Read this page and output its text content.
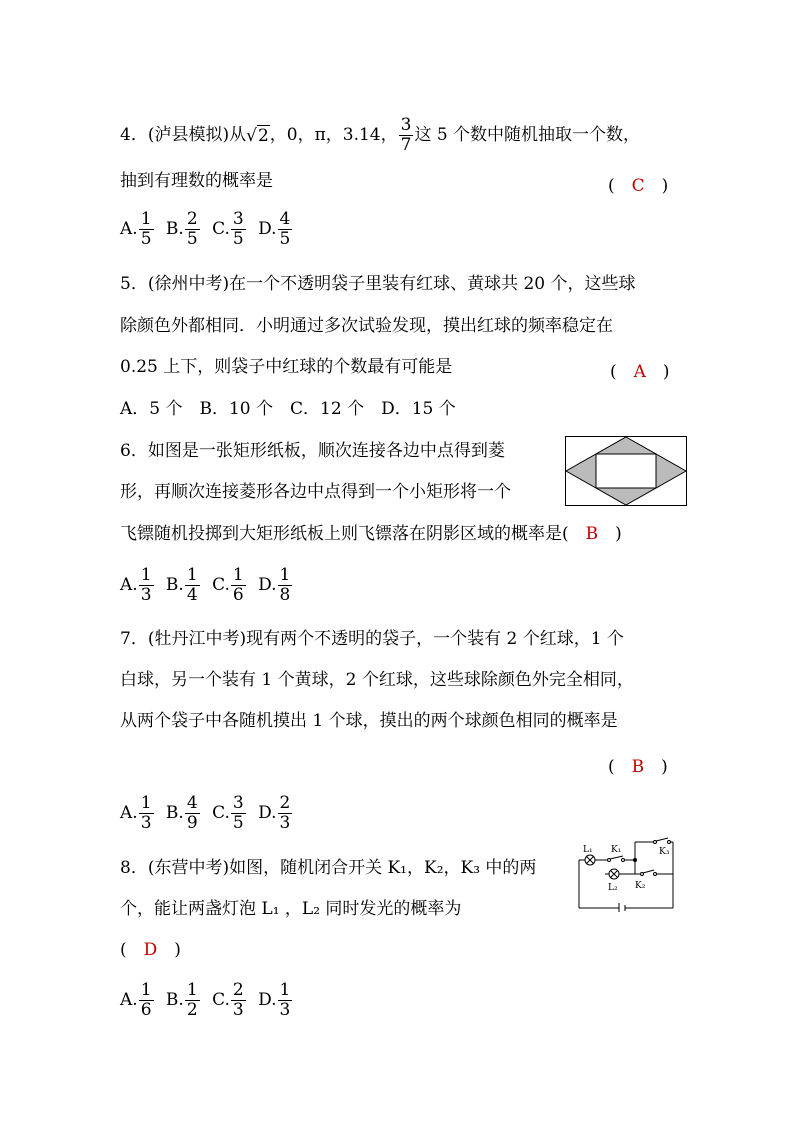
4．(泸县模拟)从√2，0，π，3.14， $\frac{3}{7}$ 这 5 个数中随机抽取一个数，
抽到有理数的概率是	(　C　)
A. $\frac{1}{5} B$. $\frac{2}{5} C$. $\frac{3}{5} D$. $\frac{4}{5}$
5．(徐州中考)在一个不透明袋子里装有红球、黄球共 20 个，这些球
除颜色外都相同．小明通过多次试验发现，摸出红球的频率稳定在
0.25 上下，则袋子中红球的个数最有可能是	(　A　)
A．5 个　B．10 个　C．12 个　D．15 个
6．如图是一张矩形纸板，顺次连接各边中点得到菱
形，再顺次连接菱形各边中点得到一个小矩形将一个
飞镖随机投掷到大矩形纸板上则飞镖落在阴影区域的概率是(　 B　)
A. $\frac{1}{3} B$. $\frac{1}{4} C$. $\frac{1}{6} D$. $\frac{1}{8}$
7．(牡丹江中考)现有两个不透明的袋子，一个装有 2 个红球，1 个
白球，另一个装有 1 个黄球，2 个红球，这些球除颜色外完全相同，
从两个袋子中各随机摸出 1 个球，摸出的两个球颜色相同的概率是
(　B　)
A. $\frac{1}{3} B$. $\frac{4}{9} C$. $\frac{3}{5} D$. $\frac{2}{3}$
8．(东营中考)如图，随机闭合开关 K₁，K₂，K₃ 中的两
个，能让两盏灯泡 L₁ ，L₂ 同时发光的概率为
(　D　)
L₁ K₁	K₃
L₂ K₂
A. $\frac{1}{6} B$. $\frac{1}{2} C$. $\frac{2}{3} D$. $\frac{1}{3}$
